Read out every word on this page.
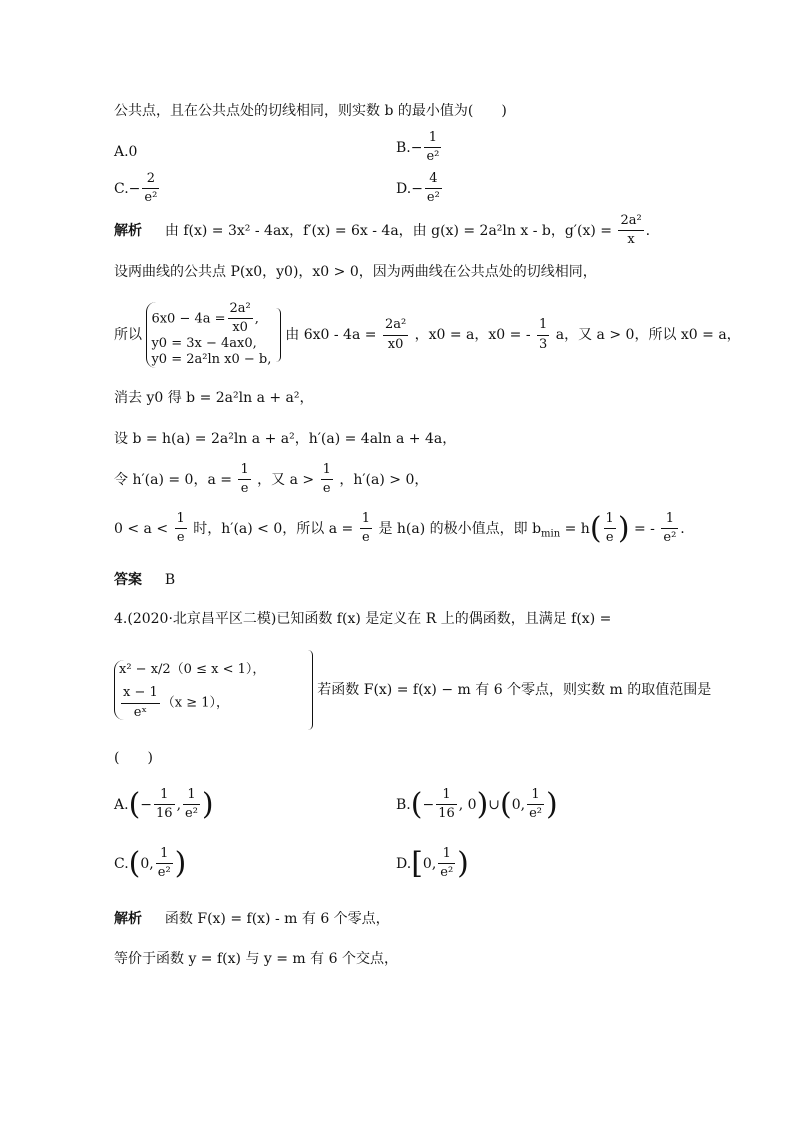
公共点，且在公共点处的切线相同，则实数 b 的最小值为(　　)
A.0	$B.- \frac{1}{\text{e²}}$
$C.- \frac{2}{\text{e²}}$	$D.- \frac{4}{\text{e²}}$
解析 　 由 f(x) = 3x² - 4ax，f′(x) = 6x - 4a，由 g(x) = 2a²ln x - b，$g'(x) = \frac{\text{2a²}}{x}$ .
设两曲线的公共点 P(x0，y0)，x0 > 0，因为两曲线在公共点处的切线相同，
所以
$6x0 - 4a = \frac{\text{2a²}}{x0}$ ,
y0 = 3x − 4ax0,
y0 = 2a²ln x0 − b,
由 $6x0 - 4a = \frac{\text{2a²}}{x0}$ ，x0 = a，x0 = - $\frac{1}{3}$ a，又 a > 0，所以 x0 = a，
消去 y0 得 b = 2a²ln a + a²，
设 b = h(a) = 2a²ln a + a²，h′(a) = 4aln a + 4a，
令 h′(a) = 0，$a = \frac{1}{e}$ ，又 $a > \frac{1}{e}$ ，h′(a) > 0，
$0 < a < \frac{1}{e}$ 时，h′(a) < 0，所以 $a = \frac{1}{e}$ 是 h(a) 的极小值点，即 $b_{min} = h( \frac{1}{e}$ ) = - $\frac{1}{\text{e²}}$ .
答案 　 B
4.(2020·北京昌平区二模)已知函数 f(x) 是定义在 R 上的偶函数，且满足 f(x) =
x² − x/2（0 ≤ x < 1），
$\frac{x - 1}{\text{eˣ}} (x \ge 1)$，
若函数 F(x) = f(x) − m 有 6 个零点，则实数 m 的取值范围是
(　　)
$A.(- \frac{1}{16}$ , $\frac{1}{\text{e²}}$ )	$B.(- \frac{1}{16}$ , 0)∪(0, $\frac{1}{\text{e²}}$ )
C.(0, $\frac{1}{\text{e²}}$ )	D.[0, $\frac{1}{\text{e²}}$ )
解析 　 函数 F(x) = f(x) - m 有 6 个零点，
等价于函数 y = f(x) 与 y = m 有 6 个交点，
